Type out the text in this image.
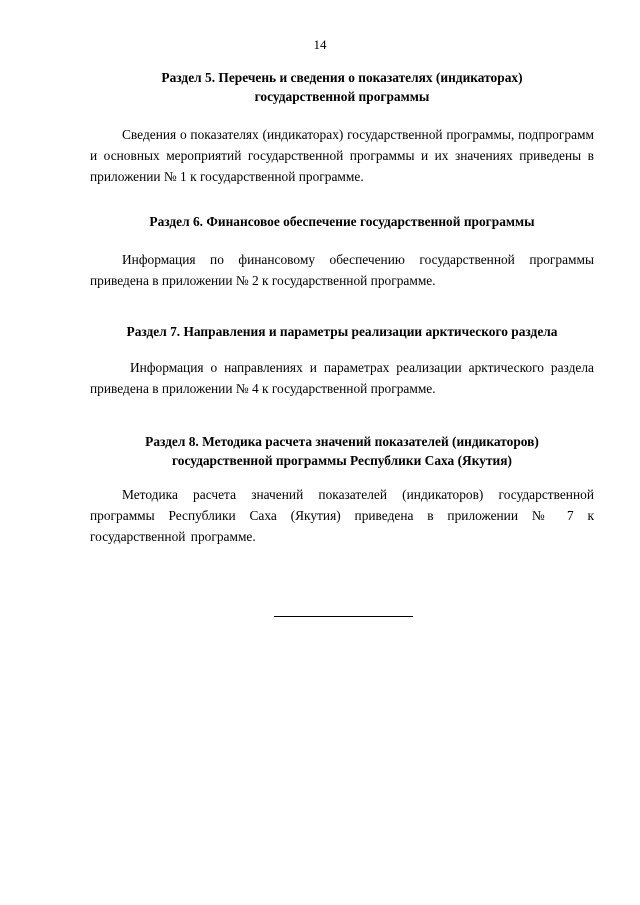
14
Раздел 5. Перечень и сведения о показателях (индикаторах)
государственной программы
Сведения о показателях (индикаторах) государственной программы, подпрограмм и основных мероприятий государственной программы и их значениях приведены в приложении № 1 к государственной программе.
Раздел 6. Финансовое обеспечение государственной программы
Информация по финансовому обеспечению государственной программы приведена в приложении № 2 к государственной программе.
Раздел 7. Направления и параметры реализации арктического раздела
Информация о направлениях и параметрах реализации арктического раздела приведена в приложении № 4 к государственной программе.
Раздел 8. Методика расчета значений показателей (индикаторов)
государственной программы Республики Саха (Якутия)
Методика расчета значений показателей (индикаторов) государственной программы Республики Саха (Якутия) приведена в приложении № 7 к государственной программе.
